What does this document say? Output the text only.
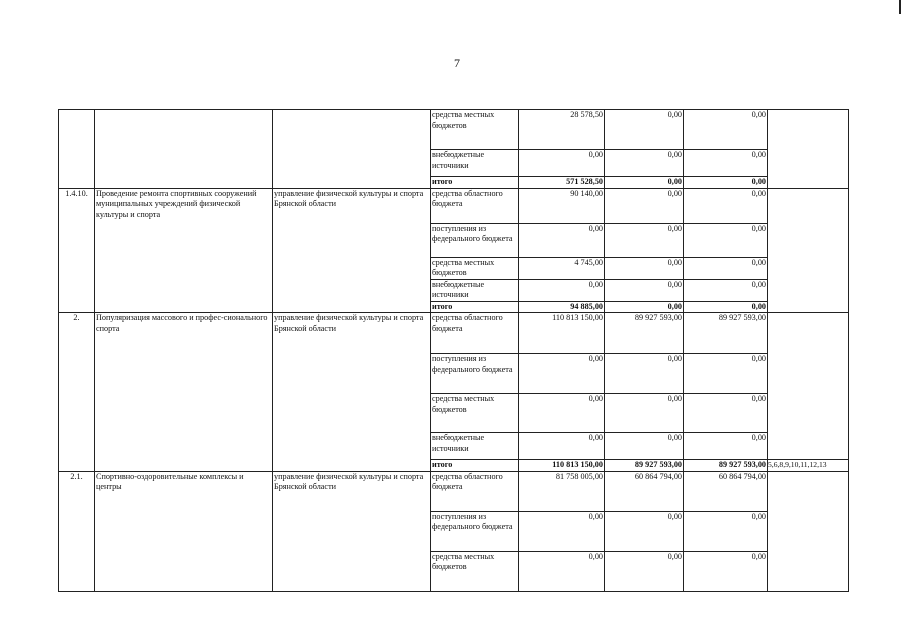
7
			средства местных бюджетов	28 578,50	0,00	0,00	
			внебюджетные источники	0,00	0,00	0,00	
			итого	571 528,50	0,00	0,00	
1.4.10.	Проведение ремонта спортивных сооружений муниципальных учреждений физической культуры и спорта	управление физической культуры и спорта Брянской области	средства областного бюджета	90 140,00	0,00	0,00	
			поступления из федерального бюджета	0,00	0,00	0,00	
			средства местных бюджетов	4 745,00	0,00	0,00	
			внебюджетные источники	0,00	0,00	0,00	
			итого	94 885,00	0,00	0,00	
2.	Популяризация массового и профес-сионального спорта	управление физической культуры и спорта Брянской области	средства областного бюджета	110 813 150,00	89 927 593,00	89 927 593,00	
			поступления из федерального бюджета	0,00	0,00	0,00	
			средства местных бюджетов	0,00	0,00	0,00	
			внебюджетные источники	0,00	0,00	0,00	
			итого	110 813 150,00	89 927 593,00	89 927 593,00	5,6,8,9,10,11,12,13
2.1.	Спортивно-оздоровительные комплексы и центры	управление физической культуры и спорта Брянской области	средства областного бюджета	81 758 005,00	60 864 794,00	60 864 794,00	
			поступления из федерального бюджета	0,00	0,00	0,00	
			средства местных бюджетов	0,00	0,00	0,00	
